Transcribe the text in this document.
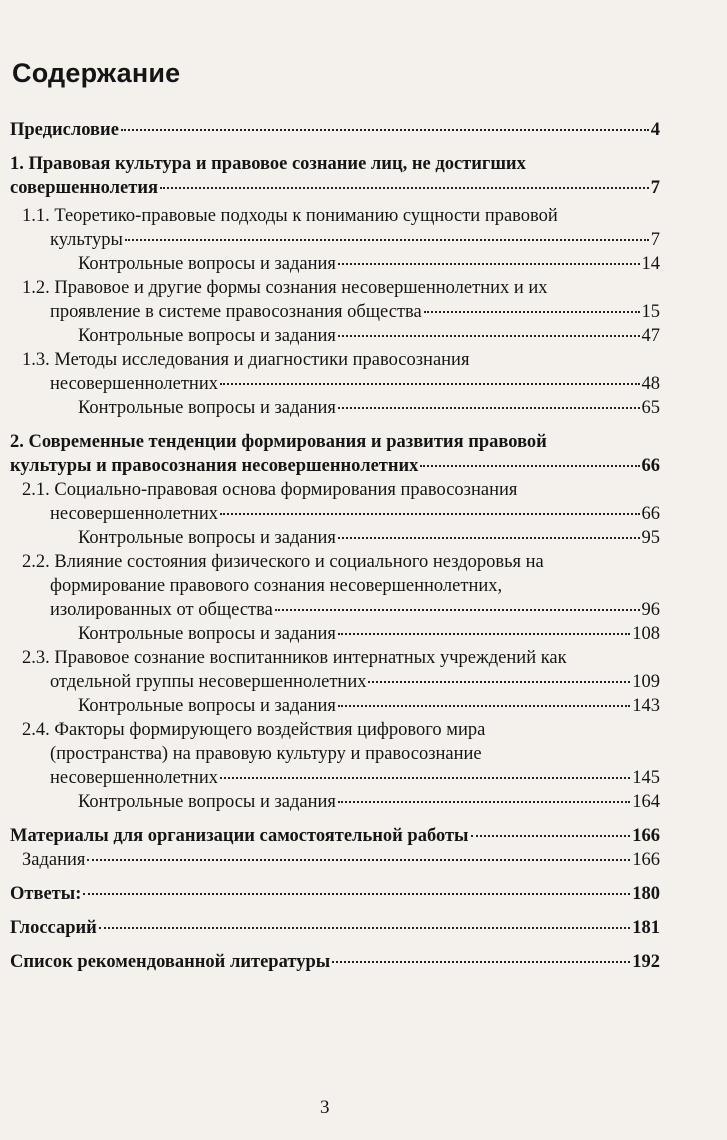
Содержание
Предисловие	4
1. Правовая культура и правовое сознание лиц, не достигших
совершеннолетия	7
1.1. Теоретико-правовые подходы к пониманию сущности правовой
культуры	7
Контрольные вопросы и задания	14
1.2. Правовое и другие формы сознания несовершеннолетних и их
проявление в системе правосознания общества	15
Контрольные вопросы и задания	47
1.3. Методы исследования и диагностики правосознания
несовершеннолетних	48
Контрольные вопросы и задания	65
2. Современные тенденции формирования и развития правовой
культуры и правосознания несовершеннолетних	66
2.1. Социально-правовая основа формирования правосознания
несовершеннолетних	66
Контрольные вопросы и задания	95
2.2. Влияние состояния физического и социального нездоровья на
формирование правового сознания несовершеннолетних,
изолированных от общества	96
Контрольные вопросы и задания	108
2.3. Правовое сознание воспитанников интернатных учреждений как
отдельной группы несовершеннолетних	109
Контрольные вопросы и задания	143
2.4. Факторы формирующего воздействия цифрового мира
(пространства) на правовую культуру и правосознание
несовершеннолетних	145
Контрольные вопросы и задания	164
Материалы для организации самостоятельной работы	166
Задания	166
Ответы:	180
Глоссарий	181
Список рекомендованной литературы	192
3
